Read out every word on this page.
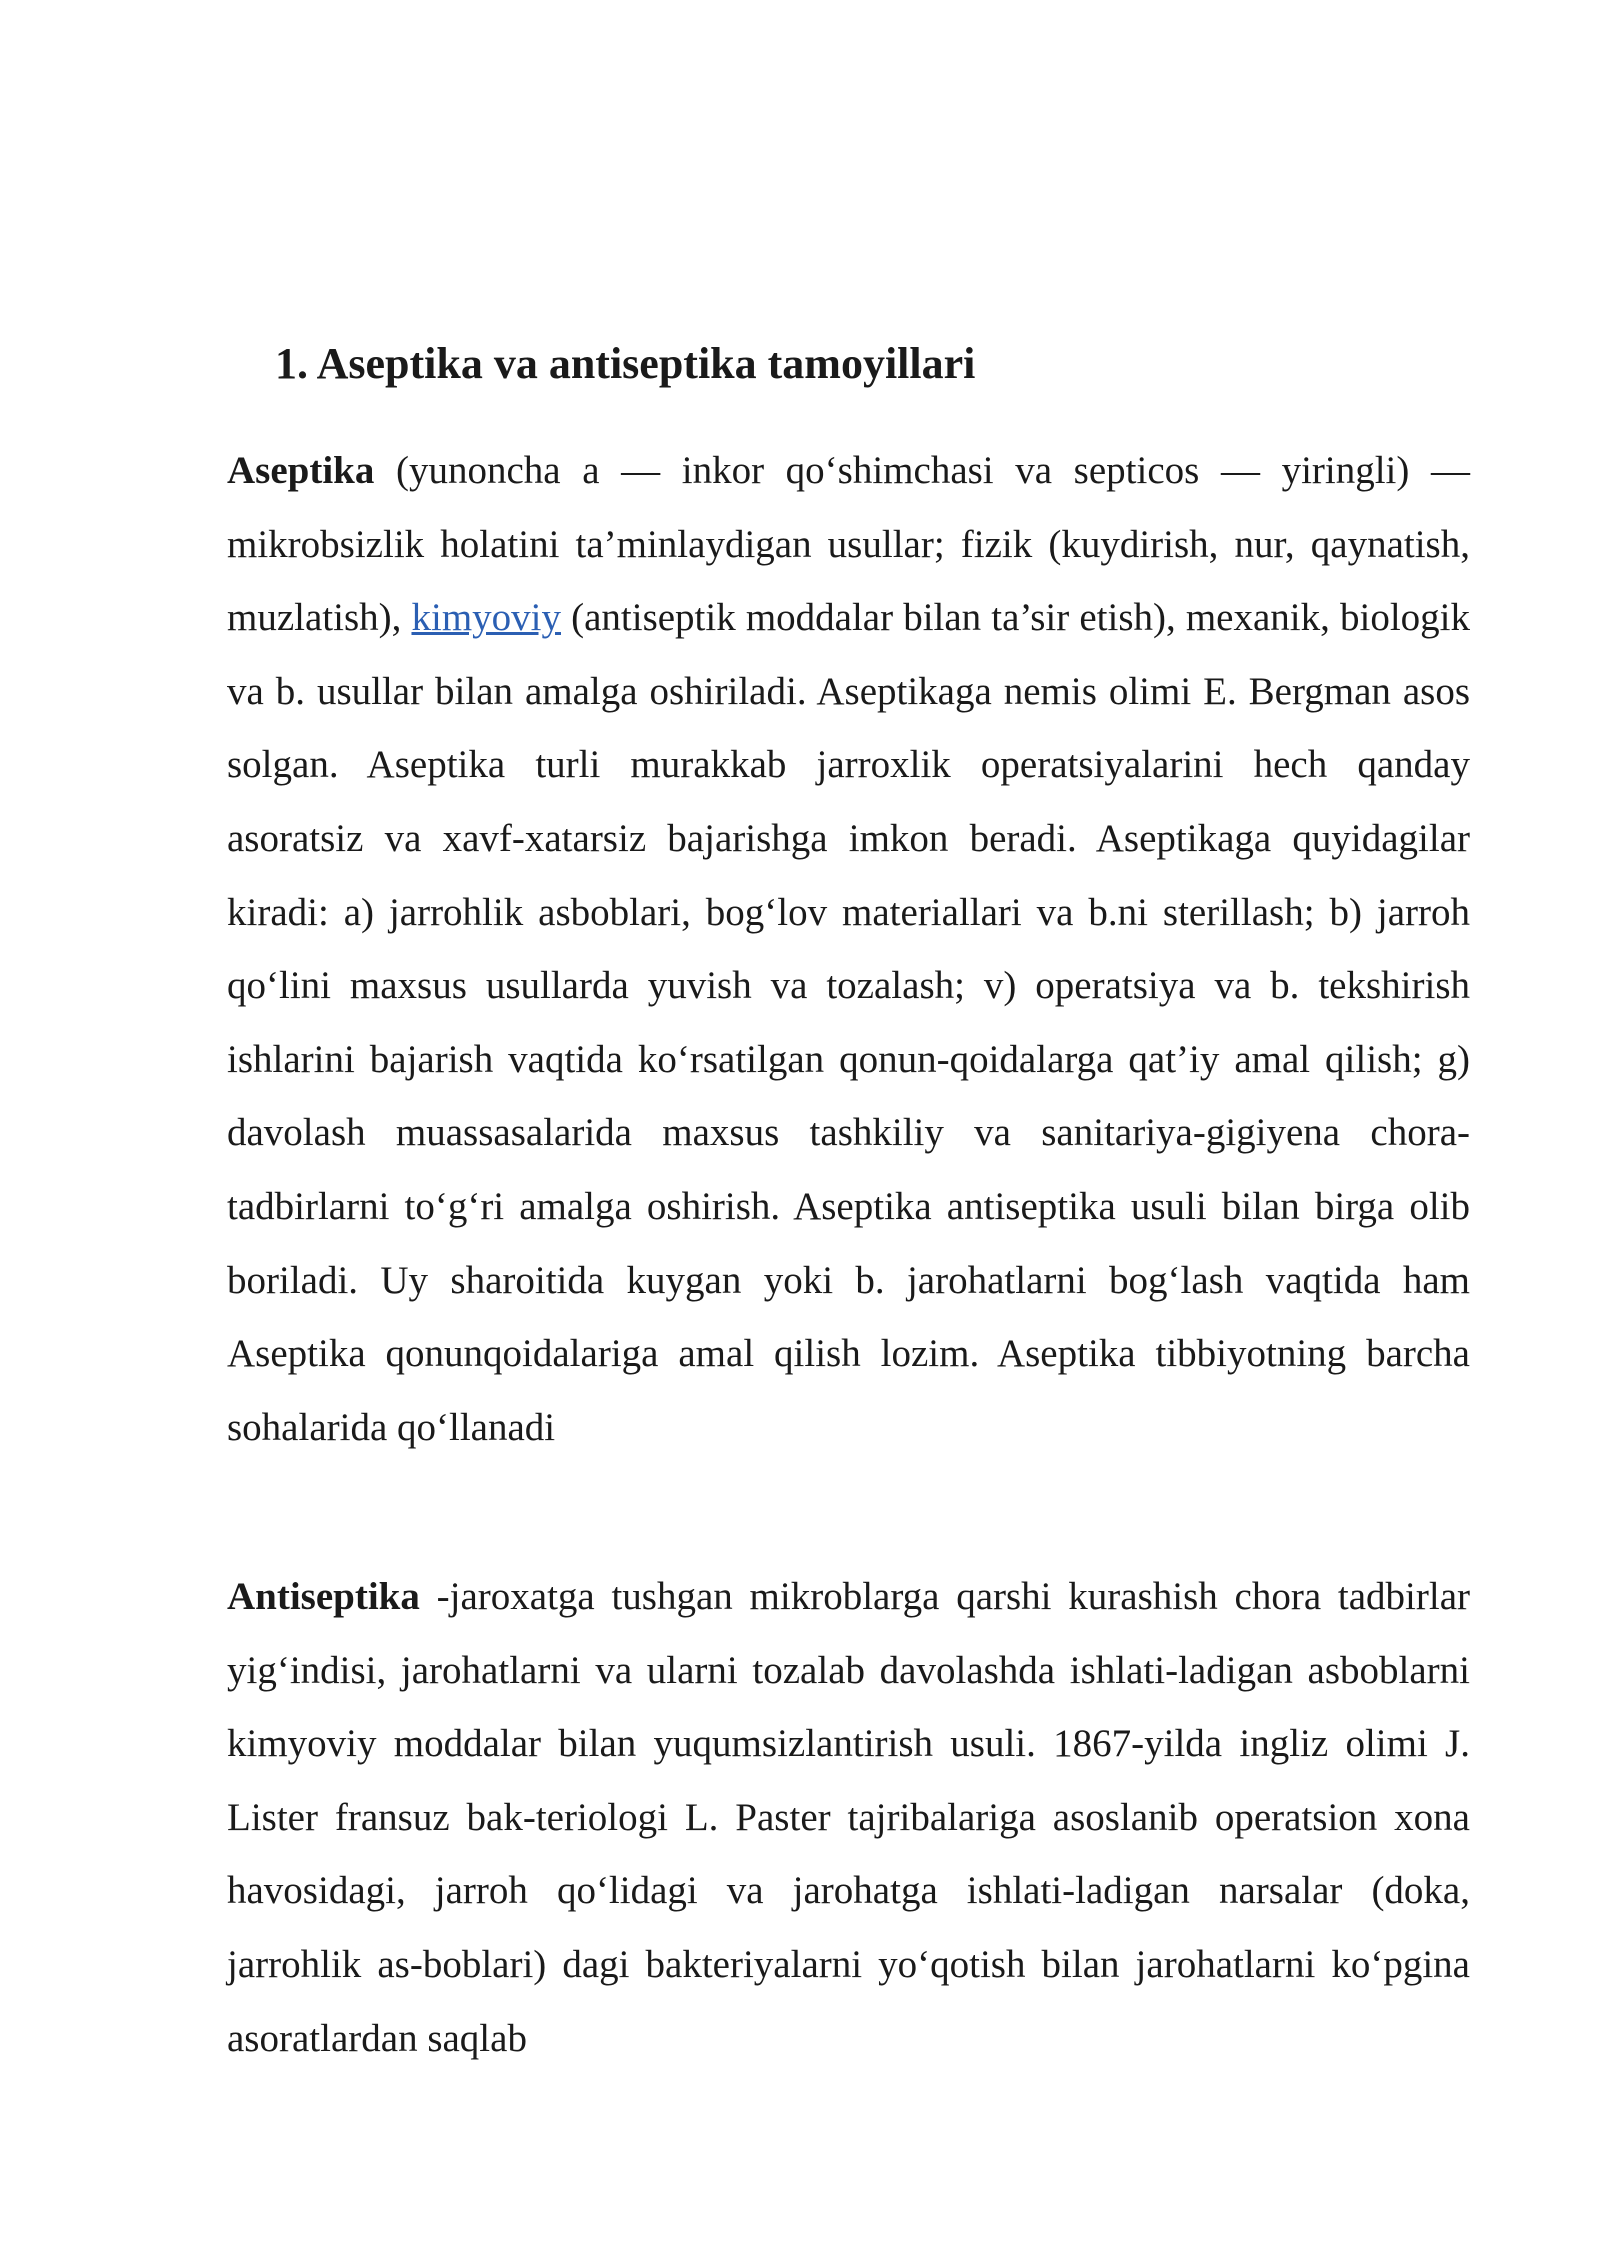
1. Aseptika va antiseptika tamoyillari

Aseptika (yunoncha a — inkor qo‘shimchasi va septicos — yiringli) — mikrobsizlik holatini ta’minlaydigan usullar; fizik (kuydirish, nur, qaynatish, muzlatish), kimyoviy (antiseptik moddalar bilan ta’sir etish), mexanik, biologik va b. usullar bilan amalga oshiriladi. Aseptikaga nemis olimi E. Bergman asos solgan. Aseptika turli murakkab jarroxlik operatsiyalarini hech qanday asoratsiz va xavf-xatarsiz bajarishga imkon beradi. Aseptikaga quyidagilar kiradi: a) jarrohlik asboblari, bog‘lov materiallari va b.ni sterillash; b) jarroh qo‘lini maxsus usullarda yuvish va tozalash; v) operatsiya va b. tekshirish ishlarini bajarish vaqtida ko‘rsatilgan qonun-qoidalarga qat’iy amal qilish; g) davolash muassasalarida maxsus tashkiliy va sanitariya-gigiyena chora-tadbirlarni to‘g‘ri amalga oshirish. Aseptika antiseptika usuli bilan birga olib boriladi. Uy sharoitida kuygan yoki b. jarohatlarni bog‘lash vaqtida ham Aseptika qonunqoidalariga amal qilish lozim. Aseptika tibbiyotning barcha sohalarida qo‘llanadi

Antiseptika -jaroxatga tushgan mikroblarga qarshi kurashish chora tadbirlar yig‘indisi, jarohatlarni va ularni tozalab davolashda ishlati-ladigan asboblarni kimyoviy moddalar bilan yuqumsizlantirish usuli. 1867-yilda ingliz olimi J. Lister fransuz bak-teriologi L. Paster tajribalariga asoslanib operatsion xona havosidagi, jarroh qo‘lidagi va jarohatga ishlati-ladigan narsalar (doka, jarrohlik as-boblari) dagi bakteriyalarni yo‘qotish bilan jarohatlarni ko‘pgina asoratlardan saqlab
